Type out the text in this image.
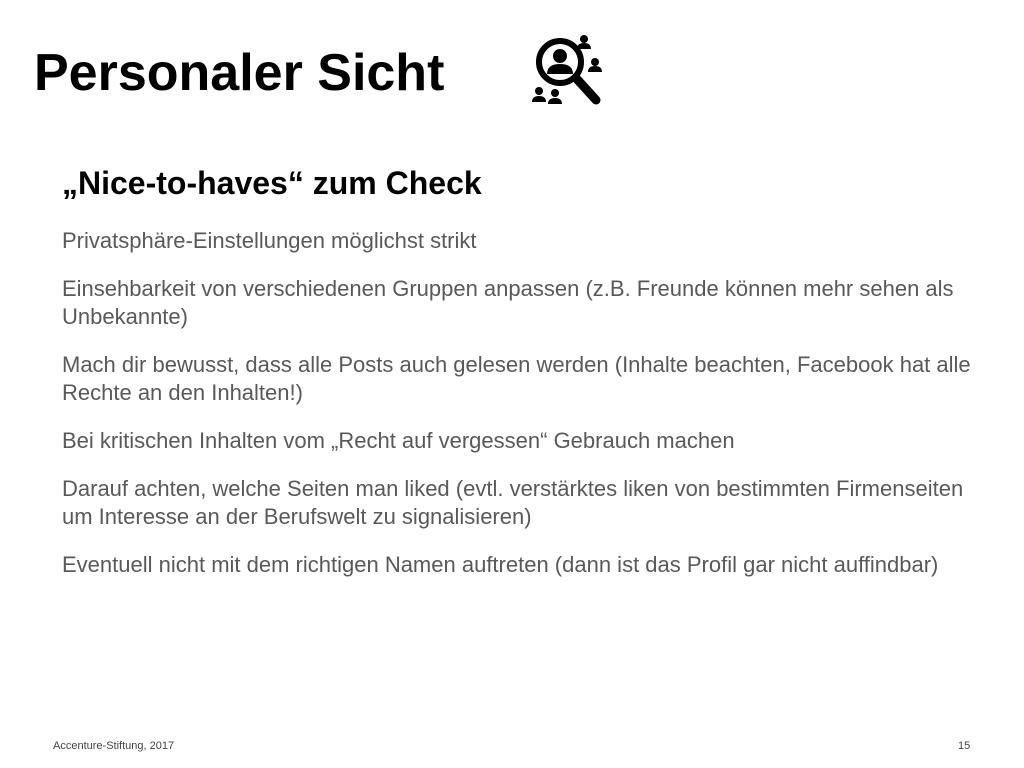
Personaler Sicht
„Nice-to-haves“ zum Check
Privatsphäre-Einstellungen möglichst strikt
Einsehbarkeit von verschiedenen Gruppen anpassen (z.B. Freunde können mehr sehen als Unbekannte)
Mach dir bewusst, dass alle Posts auch gelesen werden (Inhalte beachten, Facebook hat alle Rechte an den Inhalten!)
Bei kritischen Inhalten vom „Recht auf vergessen“ Gebrauch machen
Darauf achten, welche Seiten man liked (evtl. verstärktes liken von bestimmten Firmenseiten um Interesse an der Berufswelt zu signalisieren)
Eventuell nicht mit dem richtigen Namen auftreten (dann ist das Profil gar nicht auffindbar)
Accenture-Stiftung, 2017	15
